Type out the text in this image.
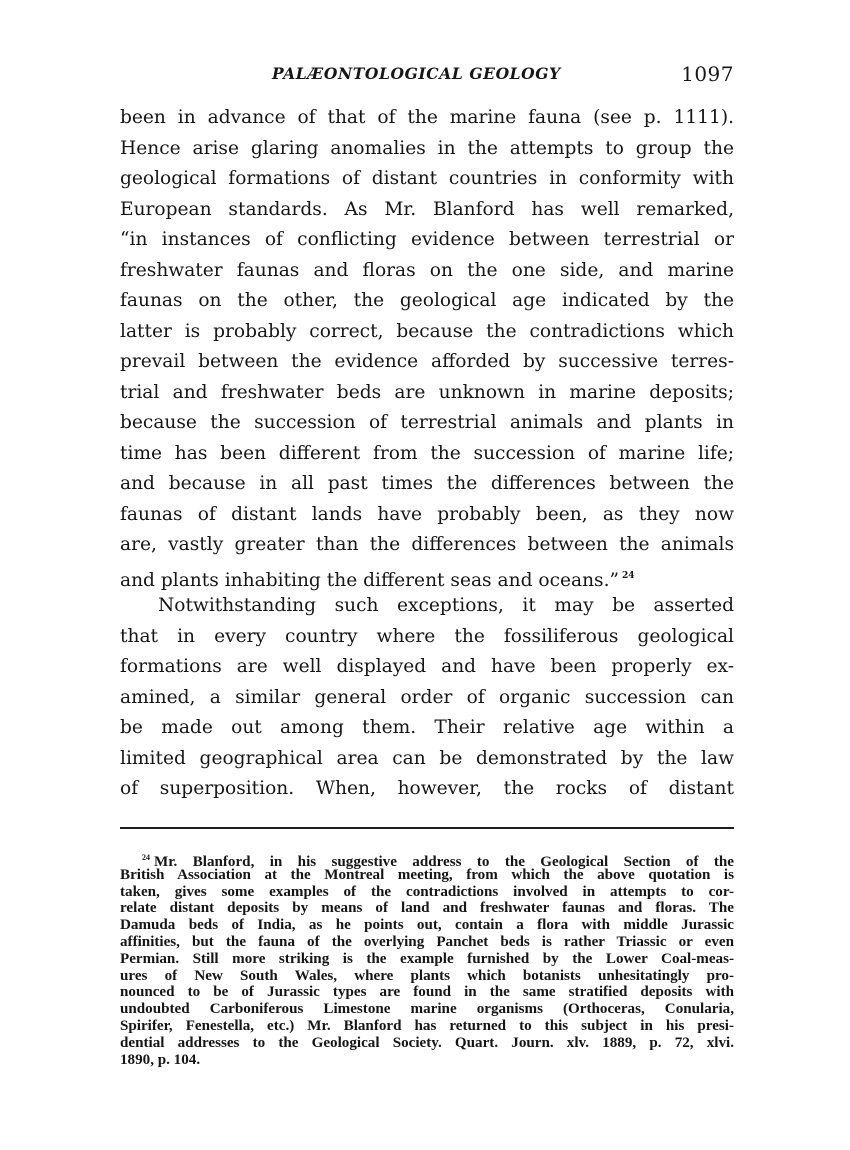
PALÆONTOLOGICAL GEOLOGY	1097
been in advance of that of the marine fauna (see p. 1111).
Hence arise glaring anomalies in the attempts to group the
geological formations of distant countries in conformity with
European standards. As Mr. Blanford has well remarked,
“in instances of conflicting evidence between terrestrial or
freshwater faunas and floras on the one side, and marine
faunas on the other, the geological age indicated by the
latter is probably correct, because the contradictions which
prevail between the evidence afforded by successive terres-
trial and freshwater beds are unknown in marine deposits;
because the succession of terrestrial animals and plants in
time has been different from the succession of marine life;
and because in all past times the differences between the
faunas of distant lands have probably been, as they now
are, vastly greater than the differences between the animals
and plants inhabiting the different seas and oceans.” $^{24}$
Notwithstanding such exceptions, it may be asserted
that in every country where the fossiliferous geological
formations are well displayed and have been properly ex-
amined, a similar general order of organic succession can
be made out among them. Their relative age within a
limited geographical area can be demonstrated by the law
of superposition. When, however, the rocks of distant
$^{24}$ Mr. Blanford, in his suggestive address to the Geological Section of the
British Association at the Montreal meeting, from which the above quotation is
taken, gives some examples of the contradictions involved in attempts to cor-
relate distant deposits by means of land and freshwater faunas and floras. The
Damuda beds of India, as he points out, contain a flora with middle Jurassic
affinities, but the fauna of the overlying Panchet beds is rather Triassic or even
Permian. Still more striking is the example furnished by the Lower Coal-meas-
ures of New South Wales, where plants which botanists unhesitatingly pro-
nounced to be of Jurassic types are found in the same stratified deposits with
undoubted Carboniferous Limestone marine organisms (Orthoceras, Conularia,
Spirifer, Fenestella, etc.) Mr. Blanford has returned to this subject in his presi-
dential addresses to the Geological Society. Quart. Journ. xlv. 1889, p. 72, xlvi.
1890, p. 104.
